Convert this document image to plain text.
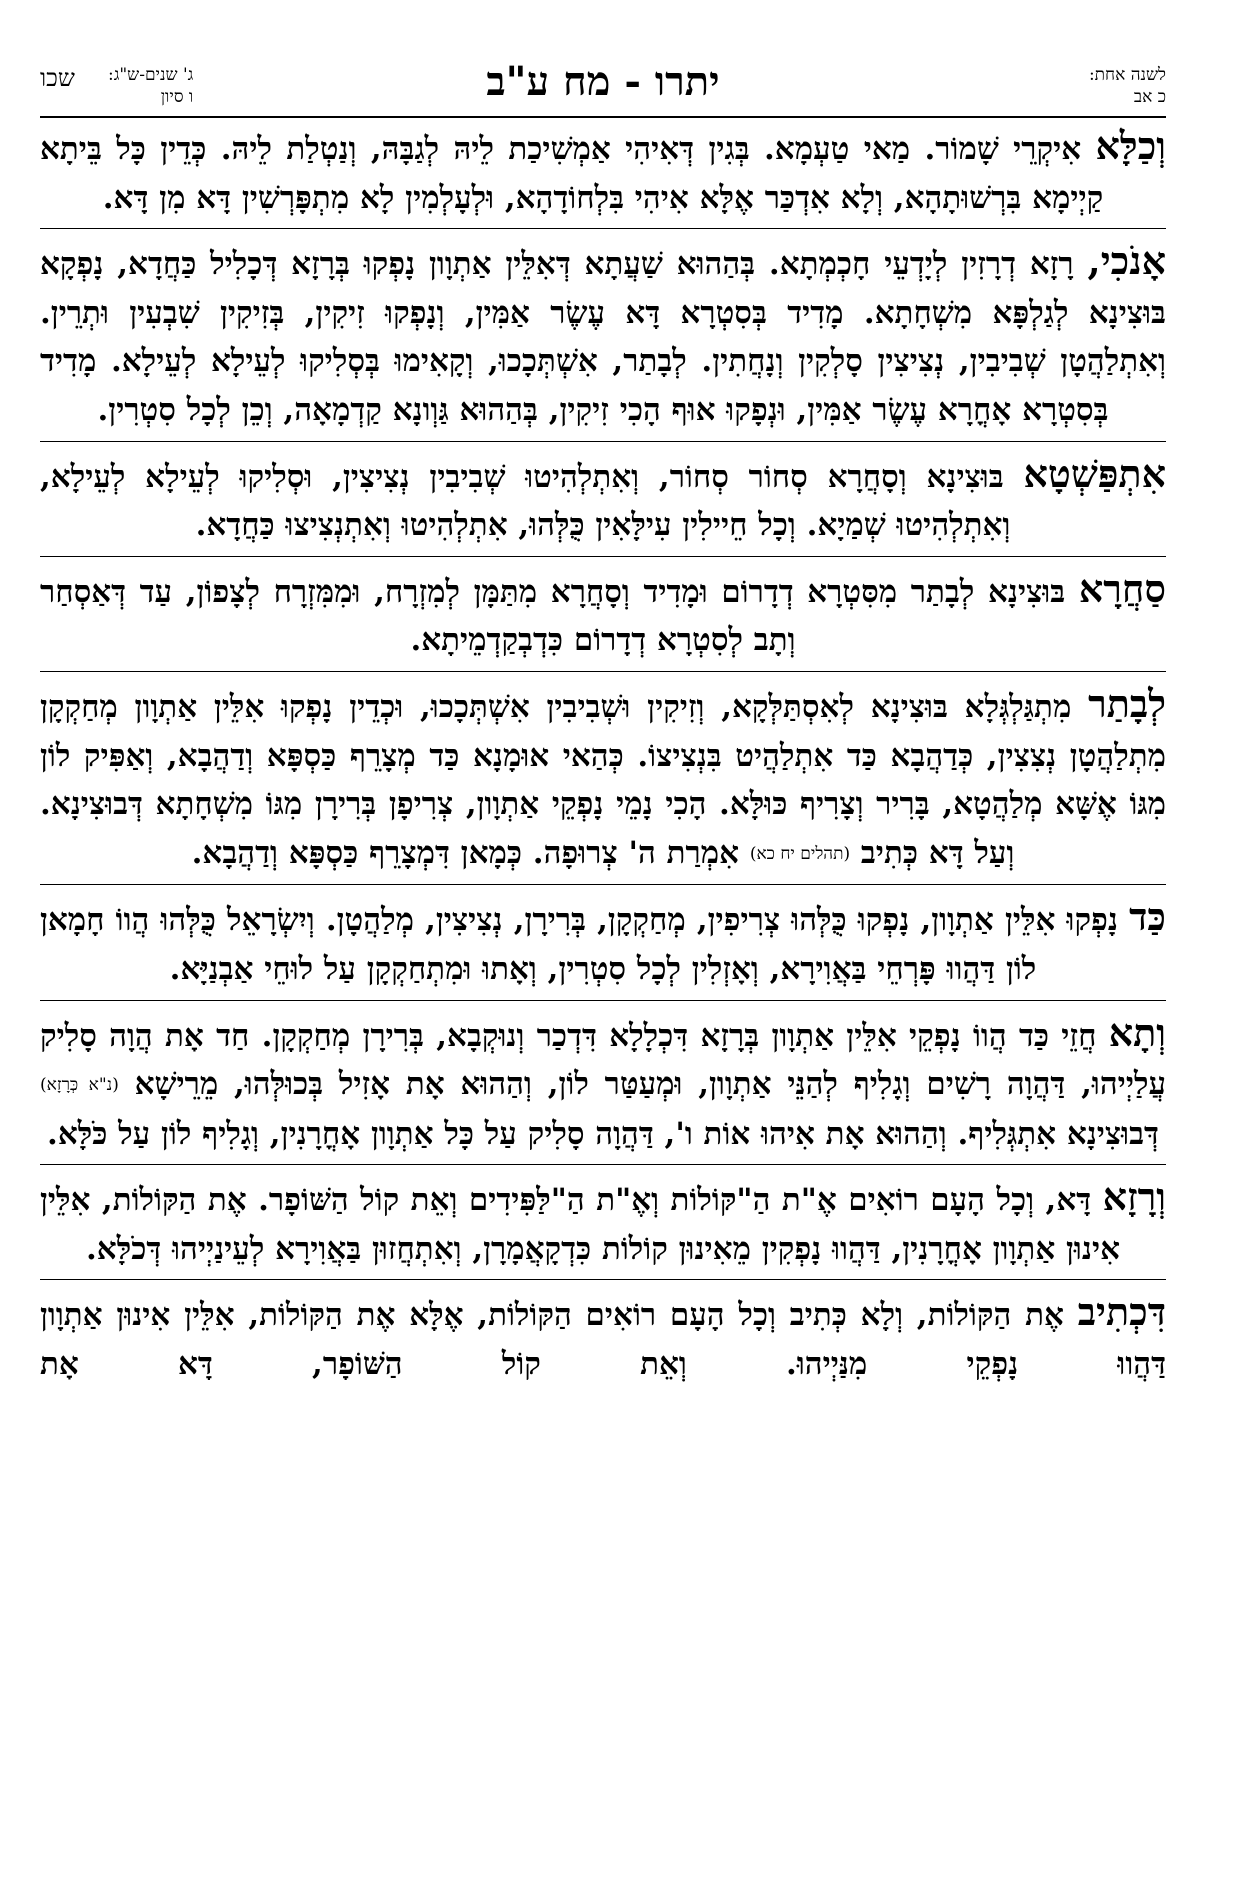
לשנה אחת:
כ אב
יתרו - מח ע"ב
ג' שנים-ש"ג:
ו סיון
שכו

וְכַלָּא אִיקְרֵי שָׁמוֹר. מַאי טַעְמָא. בְּגִין דְּאִיהִי אַמְשִׁיכַת לֵיהּ לְגַבָּהּ, וְנַטְלַת לֵיהּ. כְּדֵין כָּל בֵּיתָא קַיְימָא בִּרְשׁוּתָהָא, וְלָא אִדְכַּר אֶלָּא אִיהִי בִּלְחוֹדָהָא, וּלְעָלְמִין לָא מִתְפָּרְשִׁין דָּא מִן דָּא.

אָנֹכִי, רָזָא דְרָזִין לְיָדְעֵי חָכְמְתָא. בְּהַהוּא שַׁעֲתָא דְּאִלֵּין אַתְוָון נָפְקוּ בְּרָזָא דְּכָלִיל כַּחֲדָא, נָפְקָא בּוּצִינָא לְגַלְפָּא מִשְׁחָתָא. מָדִיד בְּסִטְרָא דָּא עֶשֶׂר אַמִּין, וְנָפְקוּ זִיקִין, בְּזִיקִין שִׁבְעִין וּתְרֵין. וְאִתְלַהֲטָן שְׁבִיבִין, נְצִיצִין סָלְקִין וְנָחֲתִין. לְבָתַר, אִשְׁתְּכָכוּ, וְקָאִימוּ בְּסְלִיקוּ לְעֵילָא לְעֵילָא. מָדִיד בְּסִטְרָא אָחֳרָא עֶשֶׂר אַמִּין, וּנְפָקוּ אוּף הָכִי זִיקִין, בְּהַהוּא גַּוְונָא קַדְמָאָה, וְכֵן לְכָל סִטְרִין.

אִתְפַּשְׁטָא בּוּצִינָא וְסָחֲרָא סְחוֹר סְחוֹר, וְאִתְלְהִיטוּ שְׁבִיבִין נְצִיצִין, וּסְלִיקוּ לְעֵילָא לְעֵילָא, וְאִתְלְהִיטוּ שְׁמַיָא. וְכָל חֵיילִין עִילָּאִין כֻּלְּהוּ, אִתְלְהִיטוּ וְאִתְנְצִיצוּ כַּחֲדָא.

סַחֲרָא בּוּצִינָא לְבָתַר מִסִּטְרָא דְדָרוֹם וּמָדִיד וְסָחֲרָא מִתַּמָּן לְמִזְרָח, וּמִמִּזְרָח לְצָפוֹן, עַד דְּאַסְחַר וְתָב לְסִטְרָא דְדָרוֹם כִּדְבְקַדְמֵיתָא.

לְבָתַר מִתְגַּלְגְּלָא בּוּצִינָא לְאִסְתַּלְּקָא, וְזִיקִין וּשְׁבִיבִין אִשְׁתְּכָכוּ, וּכְדֵין נָפְקוּ אִלֵּין אַתְוָון מְחַקְקָן מִתְלַהֲטָן נְצִצִין, כְּדַהֲבָא כַּד אִתְלַהֲיט בִּנְצִיצוֹ. כְּהַאי אוּמָנָא כַּד מְצָרֵף כַּסְפָּא וְדַהֲבָא, וְאַפִּיק לוֹן מִגּוֹ אֶשָּׁא מְלַהֲטָא, בָּרִיר וְצָרִיף כּוּלָּא. הָכִי נָמֵי נָפְקֵי אַתְוָון, צְרִיפָן בְּרִירָן מִגּוֹ מִשְׁחָתָא דְּבוּצִינָא. וְעַל דָּא כְּתִיב (תהלים יח כא) אִמְרַת ה' צְרוּפָה. כְּמָאן דִּמְצָרֵף כַּסְפָּא וְדַהֲבָא.

כַּד נָפְקוּ אִלֵּין אַתְוָון, נָפְקוּ כֻּלְּהוּ צְרִיפִין, מְחַקְקָן, בְּרִירָן, נְצִיצִין, מְלַהֲטָן. וְיִשְׂרָאֵל כֻּלְּהוּ הֲווֹ חָמָאן לוֹן דַּהֲווּ פָּרְחֵי בַּאֲוִירָא, וְאָזְלִין לְכָל סִטְרִין, וְאָתוּ וּמִתְחַקְקָן עַל לוּחֵי אַבְנַיָּא.

וְתָא חֲזֵי כַּד הֲווֹ נָפְקֵי אִלֵּין אַתְוָון בְּרָזָא דִּכְלָלָא דִּדְכַר וְנוּקְבָא, בְּרִירָן מְחַקְקָן. חַד אָת הֲוָה סָלִיק עֲלַיְיהוּ, דַּהֲוָה רָשִׁים וְגָלִיף לְהַנֵּי אַתְוָון, וּמְעַטַּר לוֹן, וְהַהוּא אָת אָזִיל בְּכוּלְּהוּ, מֵרֵישָׁא (נ"א כְּרָזָא) דְּבוּצִינָא אִתְגְּלִיף. וְהַהוּא אָת אִיהוּ אוֹת ו', דַּהֲוָה סָלִיק עַל כָּל אַתְוָון אָחֳרָנִין, וְגָלִיף לוֹן עַל כֹּלָּא.

וְרָזָא דָּא, וְכָל הָעָם רוֹאִים אֶ"ת הַ"קּוֹלוֹת וְאֶ"ת הַ"לַּפִּידִים וְאֵת קוֹל הַשּׁוֹפָר. אֶת הַקּוֹלוֹת, אִלֵּין אִינוּן אַתְוָון אָחֳרָנִין, דַּהֲווּ נָפְקִין מֵאִינוּן קוֹלוֹת כִּדְקָאֲמָרָן, וְאִתְחֲזוּן בַּאֲוִירָא לְעֵינַיְיהוּ דְּכֹלָּא.

דִּכְתִיב אֶת הַקּוֹלוֹת, וְלָא כְּתִיב וְכָל הָעָם רוֹאִים הַקּוֹלוֹת, אֶלָּא אֶת הַקּוֹלוֹת, אִלֵּין אִינוּן אַתְוָון דַּהֲווּ נָפְקֵי מִנַּיְיהוּ. וְאֵת קוֹל הַשּׁוֹפָר, דָּא אָת
